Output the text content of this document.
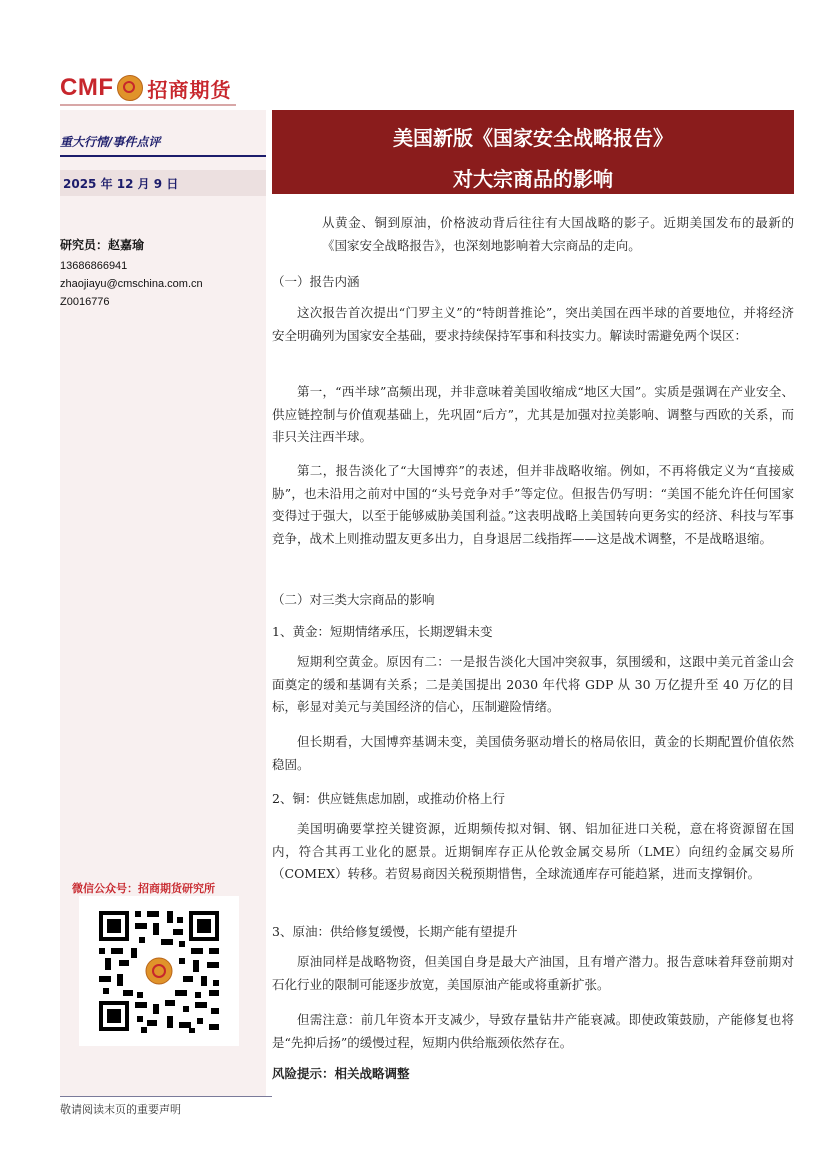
CMF 招商期货
重大行情/事件点评
2025 年 12 月 9 日
研究员：赵嘉瑜
13686866941
zhaojiayu@cmschina.com.cn
Z0016776
微信公众号：招商期货研究所
美国新版《国家安全战略报告》
对大宗商品的影响
从黄金、铜到原油，价格波动背后往往有大国战略的影子。近期美国发布的最新的《国家安全战略报告》，也深刻地影响着大宗商品的走向。
（一）报告内涵
这次报告首次提出“门罗主义”的“特朗普推论”，突出美国在西半球的首要地位，并将经济安全明确列为国家安全基础，要求持续保持军事和科技实力。解读时需避免两个误区：
第一，“西半球”高频出现，并非意味着美国收缩成“地区大国”。实质是强调在产业安全、供应链控制与价值观基础上，先巩固“后方”，尤其是加强对拉美影响、调整与西欧的关系，而非只关注西半球。
第二，报告淡化了“大国博弈”的表述，但并非战略收缩。例如，不再将俄定义为“直接威胁”，也未沿用之前对中国的“头号竞争对手”等定位。但报告仍写明：“美国不能允许任何国家变得过于强大，以至于能够威胁美国利益。”这表明战略上美国转向更务实的经济、科技与军事竞争，战术上则推动盟友更多出力，自身退居二线指挥——这是战术调整，不是战略退缩。
（二）对三类大宗商品的影响
1、黄金：短期情绪承压，长期逻辑未变
短期利空黄金。原因有二：一是报告淡化大国冲突叙事，氛围缓和，这跟中美元首釜山会面奠定的缓和基调有关系；二是美国提出 2030 年代将 GDP 从 30 万亿提升至 40 万亿的目标，彰显对美元与美国经济的信心，压制避险情绪。
但长期看，大国博弈基调未变，美国债务驱动增长的格局依旧，黄金的长期配置价值依然稳固。
2、铜：供应链焦虑加剧，或推动价格上行
美国明确要掌控关键资源，近期频传拟对铜、钢、铝加征进口关税，意在将资源留在国内，符合其再工业化的愿景。近期铜库存正从伦敦金属交易所（LME）向纽约金属交易所（COMEX）转移。若贸易商因关税预期惜售，全球流通库存可能趋紧，进而支撑铜价。
3、原油：供给修复缓慢，长期产能有望提升
原油同样是战略物资，但美国自身是最大产油国，且有增产潜力。报告意味着拜登前期对石化行业的限制可能逐步放宽，美国原油产能或将重新扩张。
但需注意：前几年资本开支减少，导致存量钻井产能衰减。即使政策鼓励，产能修复也将是“先抑后扬”的缓慢过程，短期内供给瓶颈依然存在。
风险提示：相关战略调整
敬请阅读末页的重要声明
